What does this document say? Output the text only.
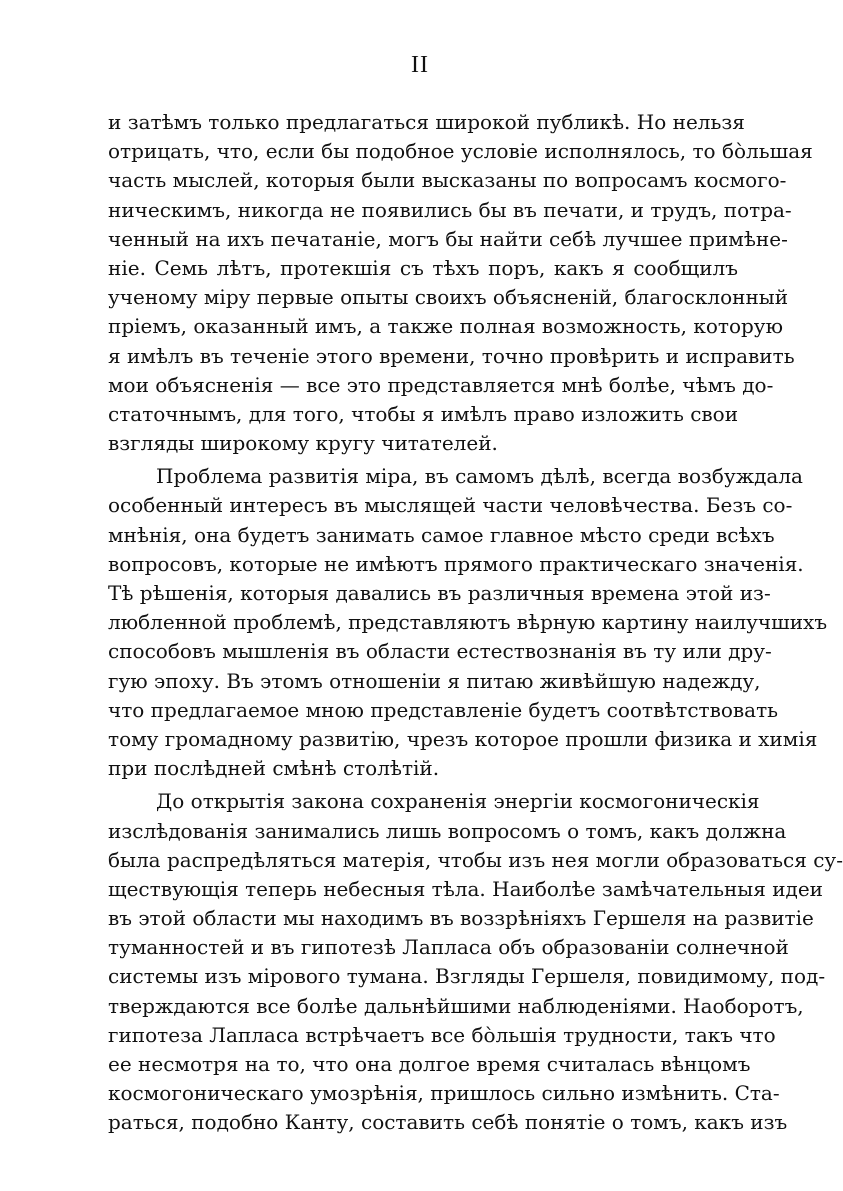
II
и затѣмъ только предлагаться широкой публикѣ. Но нельзя
отрицать, что, если бы подобное условіе исполнялось, то бо̀льшая
часть мыслей, которыя были высказаны по вопросамъ космого-
ническимъ, никогда не появились бы въ печати, и трудъ, потра-
ченный на ихъ печатаніе, могъ бы найти себѣ лучшее примѣне-
ніе. Семь лѣтъ, протекшія съ тѣхъ поръ, какъ я сообщилъ
ученому міру первые опыты своихъ объясненій, благосклонный
пріемъ, оказанный имъ, а также полная возможность, которую
я имѣлъ въ теченіе этого времени, точно провѣрить и исправить
мои объясненія — все это представляется мнѣ болѣе, чѣмъ до-
статочнымъ, для того, чтобы я имѣлъ право изложить свои
взгляды широкому кругу читателей.
Проблема развитія міра, въ самомъ дѣлѣ, всегда возбуждала
особенный интересъ въ мыслящей части человѣчества. Безъ со-
мнѣнія, она будетъ занимать самое главное мѣсто среди всѣхъ
вопросовъ, которые не имѣютъ прямого практическаго значенія.
Тѣ рѣшенія, которыя давались въ различныя времена этой из-
любленной проблемѣ, представляютъ вѣрную картину наилучшихъ
способовъ мышленія въ области естествознанія въ ту или дру-
гую эпоху. Въ этомъ отношеніи я питаю живѣйшую надежду,
что предлагаемое мною представленіе будетъ соотвѣтствовать
тому громадному развитію, чрезъ которое прошли физика и химія
при послѣдней смѣнѣ столѣтій.
До открытія закона сохраненія энергіи космогоническія
изслѣдованія занимались лишь вопросомъ о томъ, какъ должна
была распредѣляться матерія, чтобы изъ нея могли образоваться су-
ществующія теперь небесныя тѣла. Наиболѣе замѣчательныя идеи
въ этой области мы находимъ въ воззрѣніяхъ Гершеля на развитіе
туманностей и въ гипотезѣ Лапласа объ образованіи солнечной
системы изъ мірового тумана. Взгляды Гершеля, повидимому, под-
тверждаются все болѣе дальнѣйшими наблюденіями. Наоборотъ,
гипотеза Лапласа встрѣчаетъ все бо̀льшія трудности, такъ что
ее несмотря на то, что она долгое время считалась вѣнцомъ
космогоническаго умозрѣнія, пришлось сильно измѣнить. Ста-
раться, подобно Канту, составить себѣ понятіе о томъ, какъ изъ
